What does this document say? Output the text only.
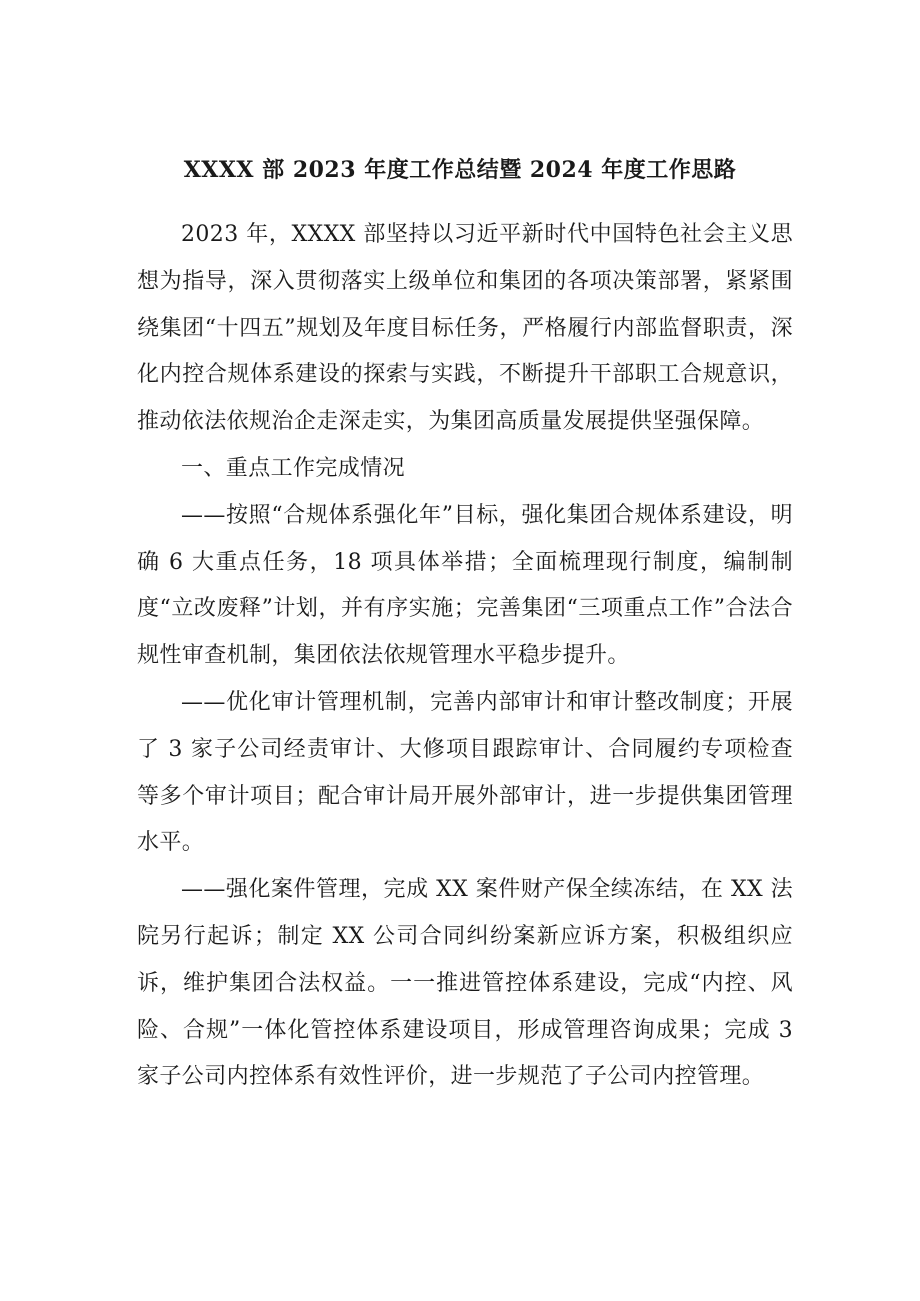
XXXX 部 2023 年度工作总结暨 2024 年度工作思路

2023 年，XXXX 部坚持以习近平新时代中国特色社会主义思想为指导，深入贯彻落实上级单位和集团的各项决策部署，紧紧围绕集团“十四五”规划及年度目标任务，严格履行内部监督职责，深化内控合规体系建设的探索与实践，不断提升干部职工合规意识，推动依法依规治企走深走实，为集团高质量发展提供坚强保障。

一、重点工作完成情况

——按照“合规体系强化年”目标，强化集团合规体系建设，明确 6 大重点任务，18 项具体举措；全面梳理现行制度，编制制度“立改废释”计划，并有序实施；完善集团“三项重点工作”合法合规性审查机制，集团依法依规管理水平稳步提升。

——优化审计管理机制，完善内部审计和审计整改制度；开展了 3 家子公司经责审计、大修项目跟踪审计、合同履约专项检查等多个审计项目；配合审计局开展外部审计，进一步提供集团管理水平。

——强化案件管理，完成 XX 案件财产保全续冻结，在 XX 法院另行起诉；制定 XX 公司合同纠纷案新应诉方案，积极组织应诉，维护集团合法权益。一一推进管控体系建设，完成“内控、风险、合规”一体化管控体系建设项目，形成管理咨询成果；完成 3 家子公司内控体系有效性评价，进一步规范了子公司内控管理。
